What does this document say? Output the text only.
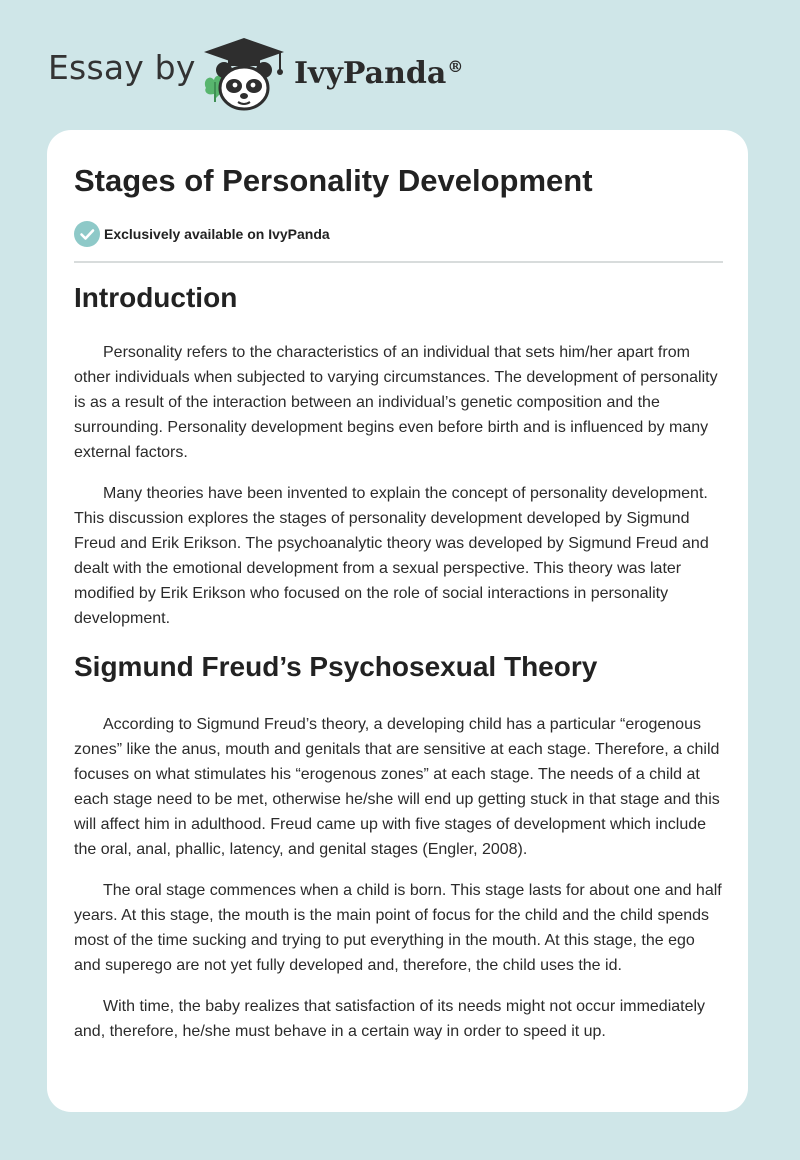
Essay by	IvyPanda®
Stages of Personality Development
Exclusively available on IvyPanda
Introduction

Personality refers to the characteristics of an individual that sets him/her apart from other individuals when subjected to varying circumstances. The development of personality is as a result of the interaction between an individual’s genetic composition and the surrounding. Personality development begins even before birth and is influenced by many external factors.

Many theories have been invented to explain the concept of personality development. This discussion explores the stages of personality development developed by Sigmund Freud and Erik Erikson. The psychoanalytic theory was developed by Sigmund Freud and dealt with the emotional development from a sexual perspective. This theory was later modified by Erik Erikson who focused on the role of social interactions in personality development.

Sigmund Freud’s Psychosexual Theory

According to Sigmund Freud’s theory, a developing child has a particular “erogenous zones” like the anus, mouth and genitals that are sensitive at each stage. Therefore, a child focuses on what stimulates his “erogenous zones” at each stage. The needs of a child at each stage need to be met, otherwise he/she will end up getting stuck in that stage and this will affect him in adulthood. Freud came up with five stages of development which include the oral, anal, phallic, latency, and genital stages (Engler, 2008).

The oral stage commences when a child is born. This stage lasts for about one and half years. At this stage, the mouth is the main point of focus for the child and the child spends most of the time sucking and trying to put everything in the mouth. At this stage, the ego and superego are not yet fully developed and, therefore, the child uses the id.

With time, the baby realizes that satisfaction of its needs might not occur immediately and, therefore, he/she must behave in a certain way in order to speed it up.
